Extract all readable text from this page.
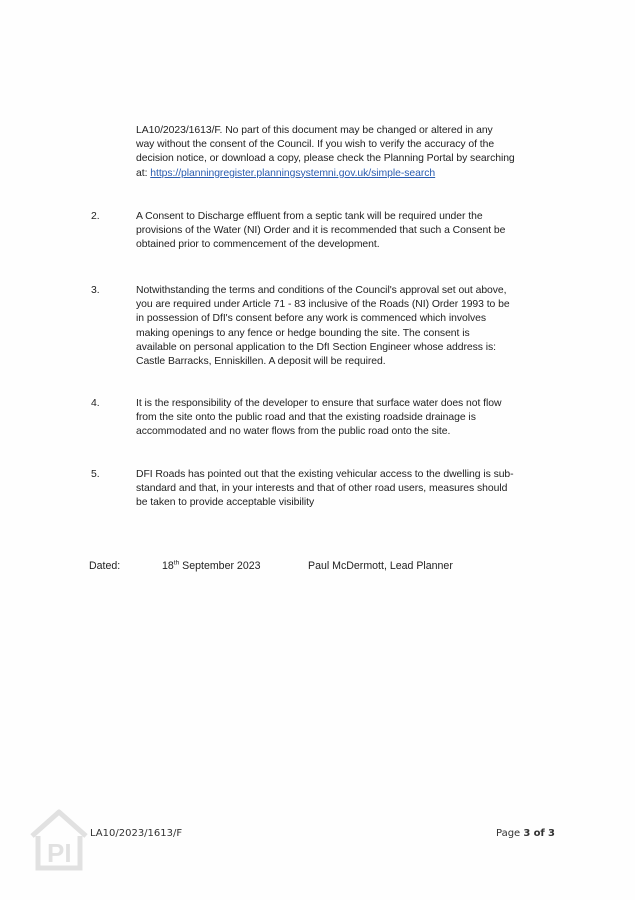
LA10/2023/1613/F. No part of this document may be changed or altered in any
way without the consent of the Council. If you wish to verify the accuracy of the
decision notice, or download a copy, please check the Planning Portal by searching
at: https://planningregister.planningsystemni.gov.uk/simple-search
2.	A Consent to Discharge effluent from a septic tank will be required under the
provisions of the Water (NI) Order and it is recommended that such a Consent be
obtained prior to commencement of the development.
3.	Notwithstanding the terms and conditions of the Council's approval set out above,
you are required under Article 71 - 83 inclusive of the Roads (NI) Order 1993 to be
in possession of DfI's consent before any work is commenced which involves
making openings to any fence or hedge bounding the site. The consent is
available on personal application to the DfI Section Engineer whose address is:
Castle Barracks, Enniskillen. A deposit will be required.
4.	It is the responsibility of the developer to ensure that surface water does not flow
from the site onto the public road and that the existing roadside drainage is
accommodated and no water flows from the public road onto the site.
5.	DFI Roads has pointed out that the existing vehicular access to the dwelling is sub-
standard and that, in your interests and that of other road users, measures should
be taken to provide acceptable visibility
Dated:	18th September 2023	Paul McDermott, Lead Planner
PI
LA10/2023/1613/F	Page 3 of 3
